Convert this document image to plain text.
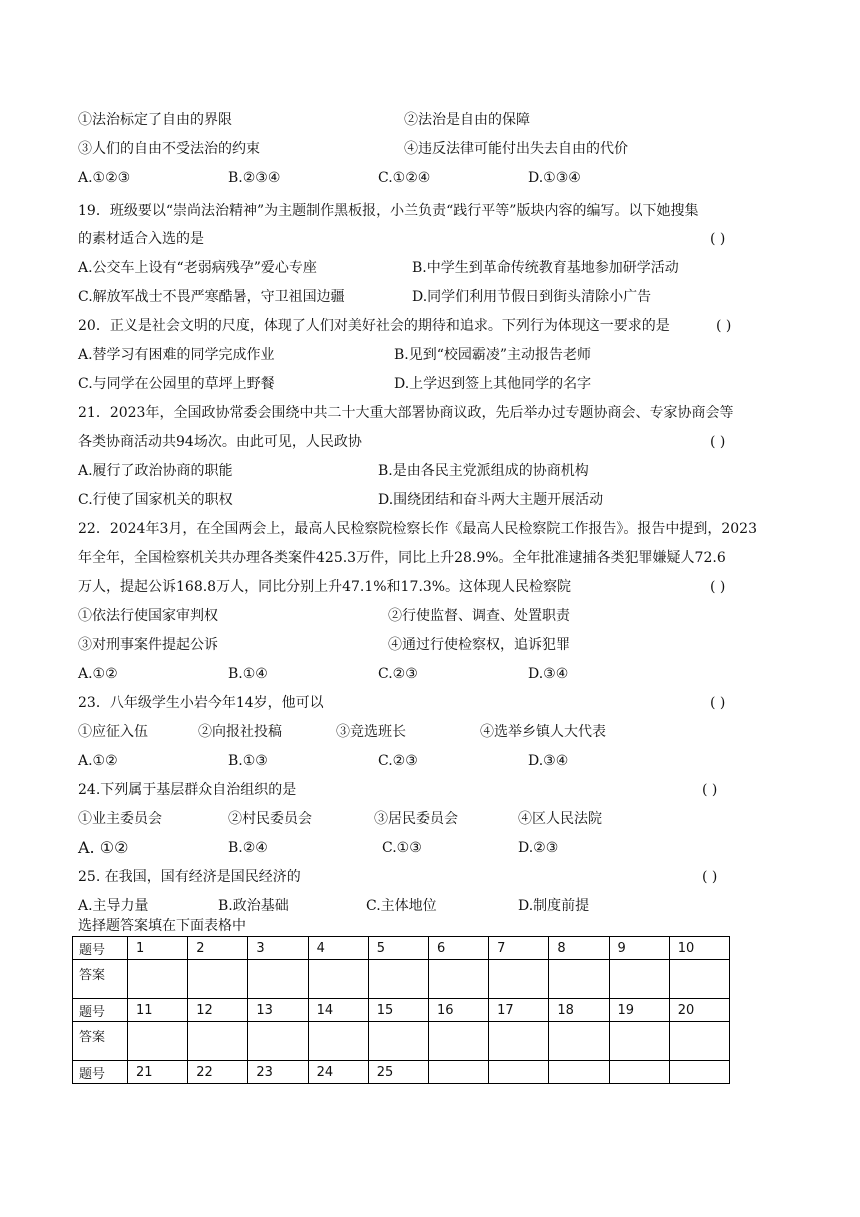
①法治标定了自由的界限	②法治是自由的保障
③人们的自由不受法治的约束	④违反法律可能付出失去自由的代价
A.①②③	B.②③④	C.①②④	D.①③④
19．班级要以“崇尚法治精神”为主题制作黑板报，小兰负责“践行平等”版块内容的编写。以下她搜集
的素材适合入选的是	( )
A.公交车上设有“老弱病残孕”爱心专座	B.中学生到革命传统教育基地参加研学活动
C.解放军战士不畏严寒酷暑，守卫祖国边疆	D.同学们利用节假日到街头清除小广告
20．正义是社会文明的尺度，体现了人们对美好社会的期待和追求。下列行为体现这一要求的是	( )
A.替学习有困难的同学完成作业	B.见到“校园霸凌”主动报告老师
C.与同学在公园里的草坪上野餐	D.上学迟到签上其他同学的名字
21．2023年，全国政协常委会围绕中共二十大重大部署协商议政，先后举办过专题协商会、专家协商会等
各类协商活动共94场次。由此可见，人民政协	( )
A.履行了政治协商的职能	B.是由各民主党派组成的协商机构
C.行使了国家机关的职权	D.围绕团结和奋斗两大主题开展活动
22．2024年3月，在全国两会上，最高人民检察院检察长作《最高人民检察院工作报告》。报告中提到，2023
年全年，全国检察机关共办理各类案件425.3万件，同比上升28.9%。全年批准逮捕各类犯罪嫌疑人72.6
万人，提起公诉168.8万人，同比分别上升47.1%和17.3%。这体现人民检察院	( )
①依法行使国家审判权	②行使监督、调查、处置职责
③对刑事案件提起公诉	④通过行使检察权，追诉犯罪
A.①②	B.①④	C.②③	D.③④
23．八年级学生小岩今年14岁，他可以	( )
①应征入伍	②向报社投稿	③竞选班长	④选举乡镇人大代表
A.①②	B.①③	C.②③	D.③④
24.下列属于基层群众自治组织的是	( )
①业主委员会	②村民委员会	③居民委员会	④区人民法院
A. ①②	B.②④	C.①③	D.②③
25. 在我国，国有经济是国民经济的	( )
A.主导力量	B.政治基础	C.主体地位	D.制度前提
选择题答案填在下面表格中
题号	1	2	3	4	5	6	7	8	9	10
答案										
题号	11	12	13	14	15	16	17	18	19	20
答案										
题号	21	22	23	24	25					
